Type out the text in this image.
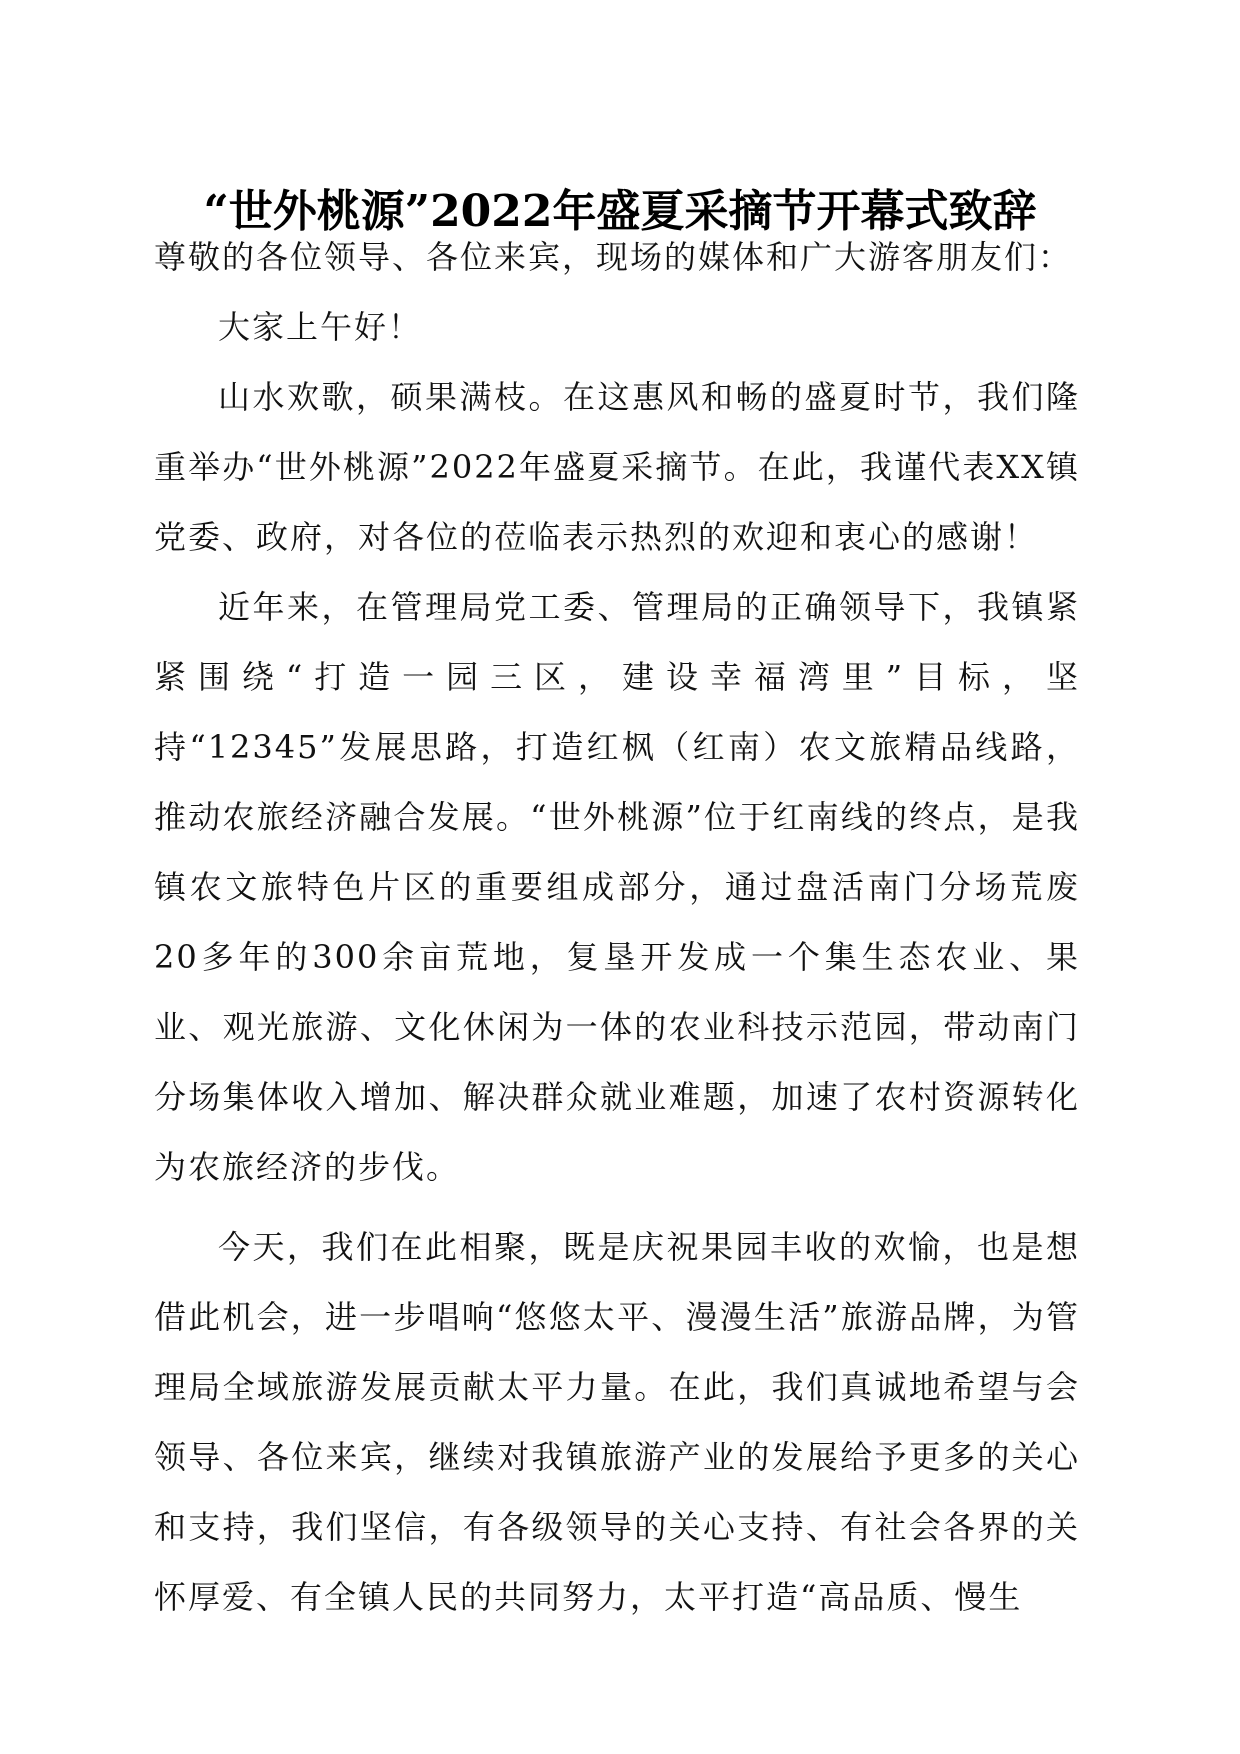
“世外桃源”2022年盛夏采摘节开幕式致辞

尊敬的各位领导、各位来宾，现场的媒体和广大游客朋友们：

大家上午好！

山水欢歌，硕果满枝。在这惠风和畅的盛夏时节，我们隆重举办“世外桃源”2022年盛夏采摘节。在此，我谨代表XX镇党委、政府，对各位的莅临表示热烈的欢迎和衷心的感谢！

近年来，在管理局党工委、管理局的正确领导下，我镇紧紧围绕“打造一园三区，建设幸福湾里”目标，坚持“12345”发展思路，打造红枫（红南）农文旅精品线路，推动农旅经济融合发展。“世外桃源”位于红南线的终点，是我镇农文旅特色片区的重要组成部分，通过盘活南门分场荒废20多年的300余亩荒地，复垦开发成一个集生态农业、果业、观光旅游、文化休闲为一体的农业科技示范园，带动南门分场集体收入增加、解决群众就业难题，加速了农村资源转化为农旅经济的步伐。

今天，我们在此相聚，既是庆祝果园丰收的欢愉，也是想借此机会，进一步唱响“悠悠太平、漫漫生活”旅游品牌，为管理局全域旅游发展贡献太平力量。在此，我们真诚地希望与会领导、各位来宾，继续对我镇旅游产业的发展给予更多的关心和支持，我们坚信，有各级领导的关心支持、有社会各界的关怀厚爱、有全镇人民的共同努力，太平打造“高品质、慢生
